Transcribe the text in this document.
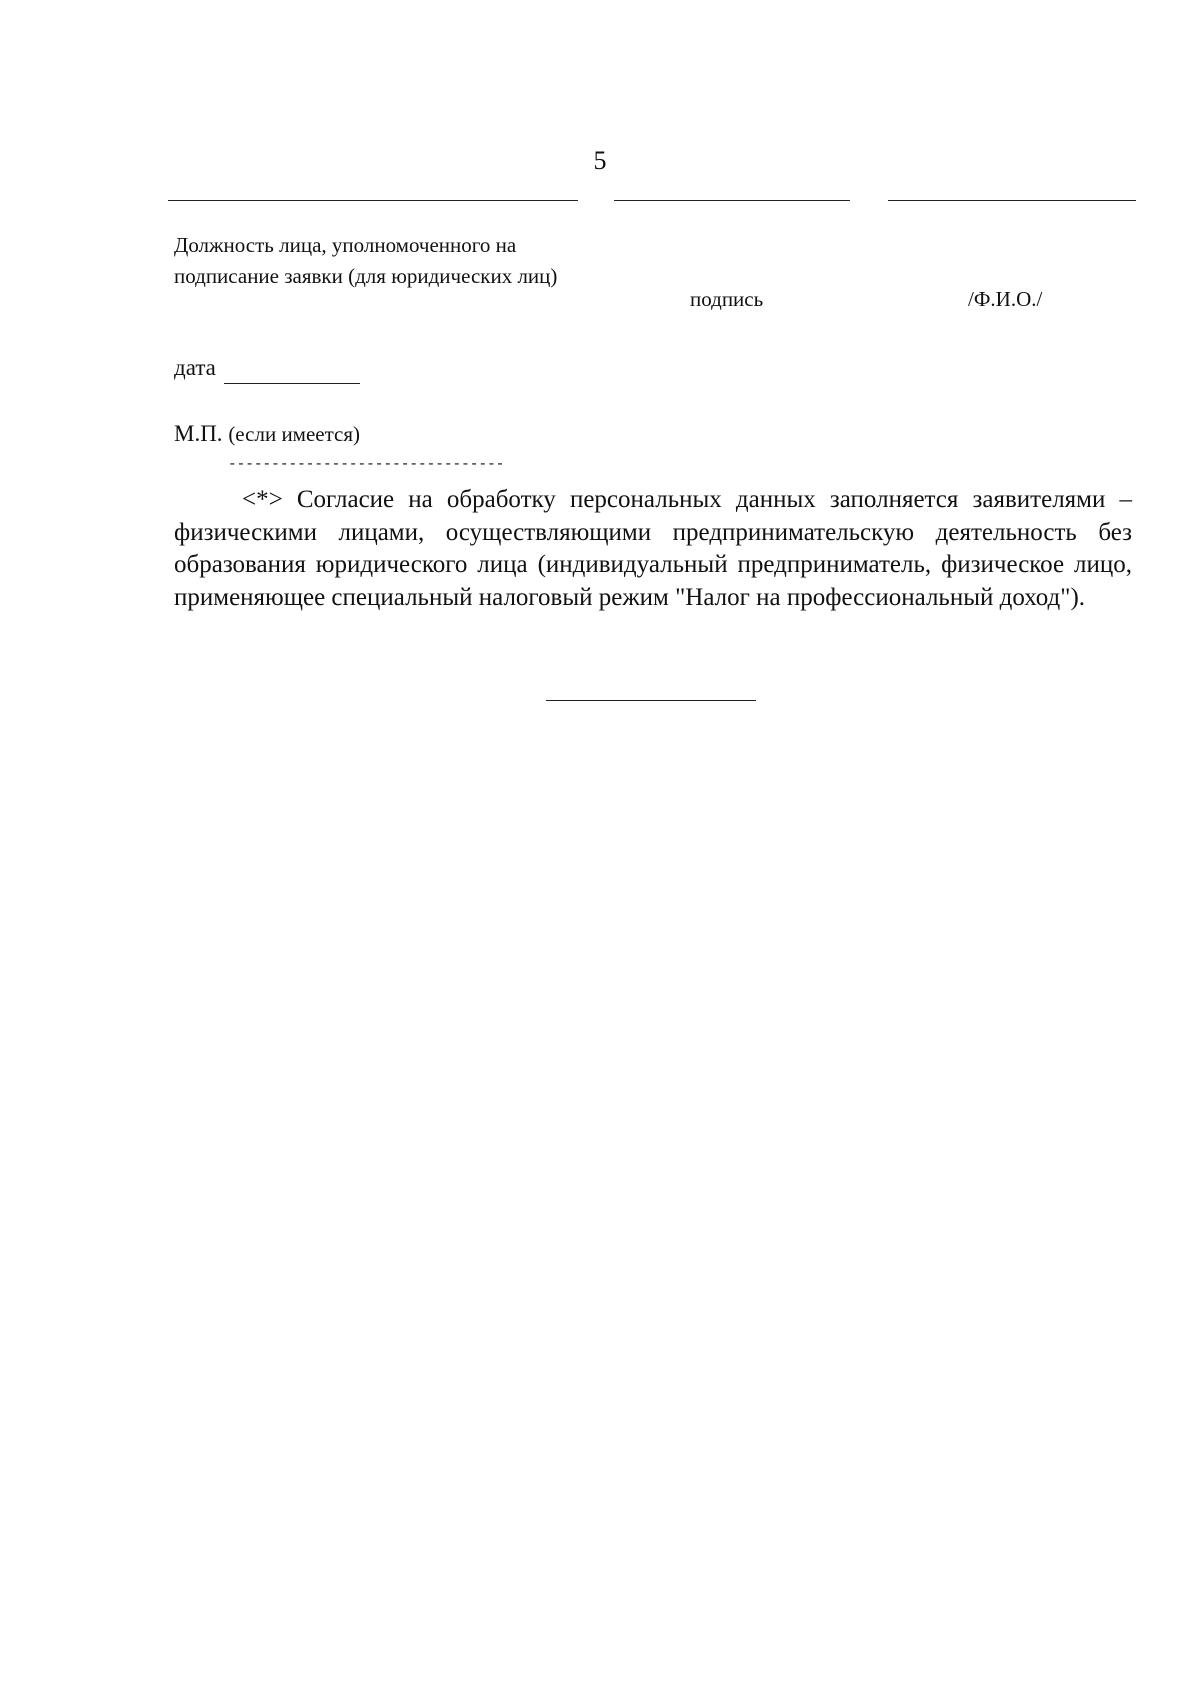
5
Должность лица, уполномоченного на подписание заявки (для юридических лиц)
подпись	/Ф.И.О./
дата
М.П. (если имеется)
--------------------------------

<*> Согласие на обработку персональных данных заполняется заявителями – физическими лицами, осуществляющими предпринимательскую деятельность без образования юридического лица (индивидуальный предприниматель, физическое лицо, применяющее специальный налоговый режим "Налог на профессиональный доход").
